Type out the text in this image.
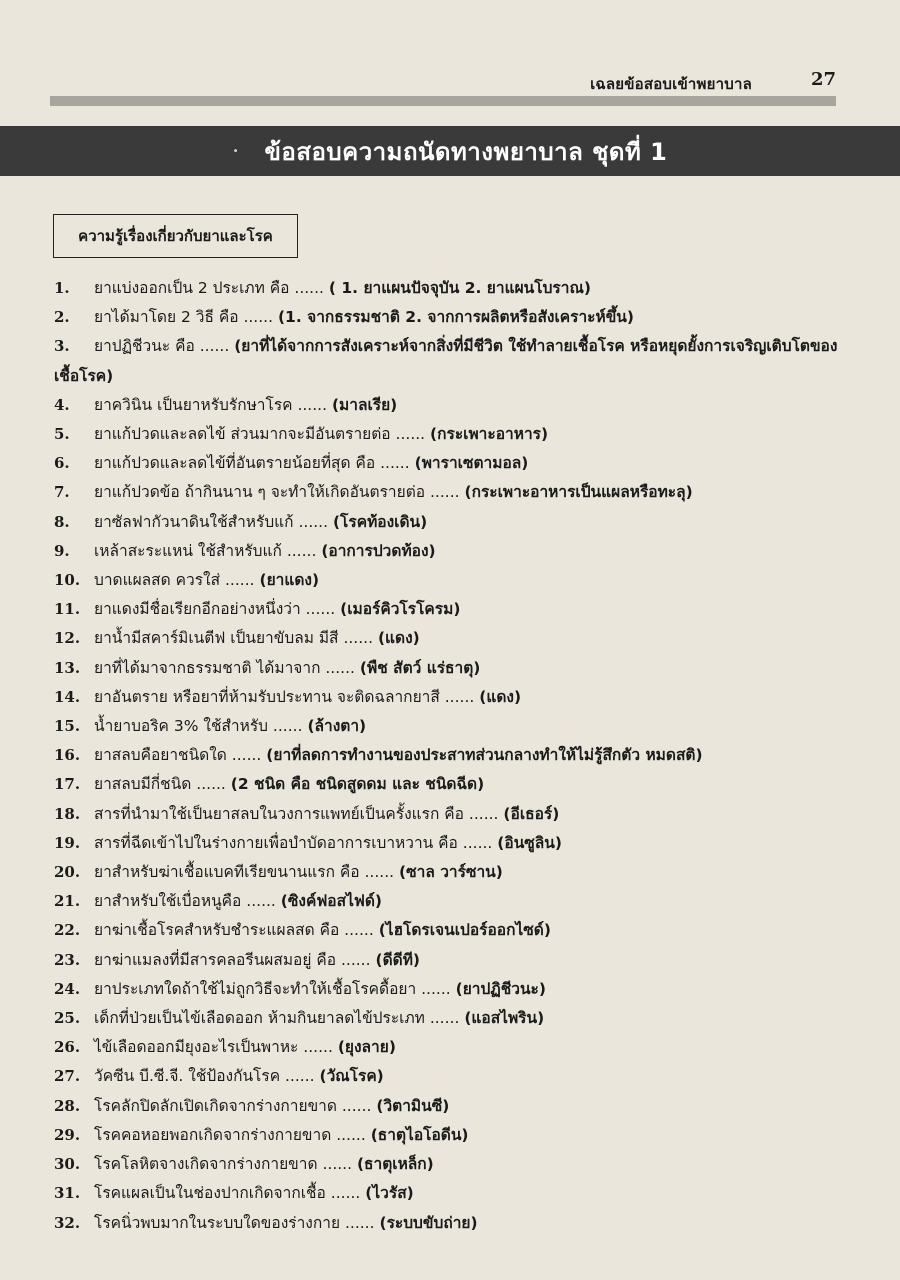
เฉลยข้อสอบเข้าพยาบาล	27
• ข้อสอบความถนัดทางพยาบาล ชุดที่ 1
ความรู้เรื่องเกี่ยวกับยาและโรค
1.	ยาแบ่งออกเป็น 2 ประเภท คือ ...... ( 1. ยาแผนปัจจุบัน 2. ยาแผนโบราณ)
2.	ยาได้มาโดย 2 วิธี คือ ...... (1. จากธรรมชาติ 2. จากการผลิตหรือสังเคราะห์ขึ้น)
3.	ยาปฏิชีวนะ คือ ...... (ยาที่ได้จากการสังเคราะห์จากสิ่งที่มีชีวิต ใช้ทำลายเชื้อโรค หรือหยุดยั้งการเจริญเติบโตของเชื้อโรค)
4.	ยาควินิน เป็นยาหรับรักษาโรค ...... (มาลเรีย)
5.	ยาแก้ปวดและลดไข้ ส่วนมากจะมีอันตรายต่อ ...... (กระเพาะอาหาร)
6.	ยาแก้ปวดและลดไข้ที่อันตรายน้อยที่สุด คือ ...... (พาราเซตามอล)
7.	ยาแก้ปวดข้อ ถ้ากินนาน ๆ จะทำให้เกิดอันตรายต่อ ...... (กระเพาะอาหารเป็นแผลหรือทะลุ)
8.	ยาซัลฟากัวนาดินใช้สำหรับแก้ ...... (โรคท้องเดิน)
9.	เหล้าสะระแหน่ ใช้สำหรับแก้ ...... (อาการปวดท้อง)
10. บาดแผลสด ควรใส่ ...... (ยาแดง)
11. ยาแดงมีชื่อเรียกอีกอย่างหนึ่งว่า ...... (เมอร์คิวโรโครม)
12. ยาน้ำมีสคาร์มิเนตีฟ เป็นยาขับลม มีสี ...... (แดง)
13. ยาที่ได้มาจากธรรมชาติ ได้มาจาก ...... (พืช สัตว์ แร่ธาตุ)
14. ยาอันตราย หรือยาที่ห้ามรับประทาน จะติดฉลากยาสี ...... (แดง)
15. น้ำยาบอริค 3% ใช้สำหรับ ...... (ล้างตา)
16. ยาสลบคือยาชนิดใด ...... (ยาที่ลดการทำงานของประสาทส่วนกลางทำให้ไม่รู้สึกตัว หมดสติ)
17. ยาสลบมีกี่ชนิด ...... (2 ชนิด คือ ชนิดสูดดม และ ชนิดฉีด)
18. สารที่นำมาใช้เป็นยาสลบในวงการแพทย์เป็นครั้งแรก คือ ...... (อีเธอร์)
19. สารที่ฉีดเข้าไปในร่างกายเพื่อบำบัดอาการเบาหวาน คือ ...... (อินซูลิน)
20. ยาสำหรับฆ่าเชื้อแบคทีเรียขนานแรก คือ ...... (ซาล วาร์ซาน)
21. ยาสำหรับใช้เบื่อหนูคือ ...... (ซิงค์ฟอสไฟด์)
22. ยาฆ่าเชื้อโรคสำหรับชำระแผลสด คือ ...... (ไฮโดรเจนเปอร์ออกไซด์)
23. ยาฆ่าแมลงที่มีสารคลอรีนผสมอยู่ คือ ...... (ดีดีที)
24. ยาประเภทใดถ้าใช้ไม่ถูกวิธีจะทำให้เชื้อโรคดื้อยา ...... (ยาปฏิชีวนะ)
25. เด็กที่ป่วยเป็นไข้เลือดออก ห้ามกินยาลดไข้ประเภท ...... (แอสไพริน)
26. ไข้เลือดออกมียุงอะไรเป็นพาหะ ...... (ยุงลาย)
27. วัคซีน บี.ซี.จี. ใช้ป้องกันโรค ...... (วัณโรค)
28. โรคลักปิดลักเปิดเกิดจากร่างกายขาด ...... (วิตามินซี)
29. โรคคอหอยพอกเกิดจากร่างกายขาด ...... (ธาตุไอโอดีน)
30. โรคโลหิตจางเกิดจากร่างกายขาด ...... (ธาตุเหล็ก)
31. โรคแผลเป็นในช่องปากเกิดจากเชื้อ ...... (ไวรัส)
32. โรคนิ่วพบมากในระบบใดของร่างกาย ...... (ระบบขับถ่าย)
